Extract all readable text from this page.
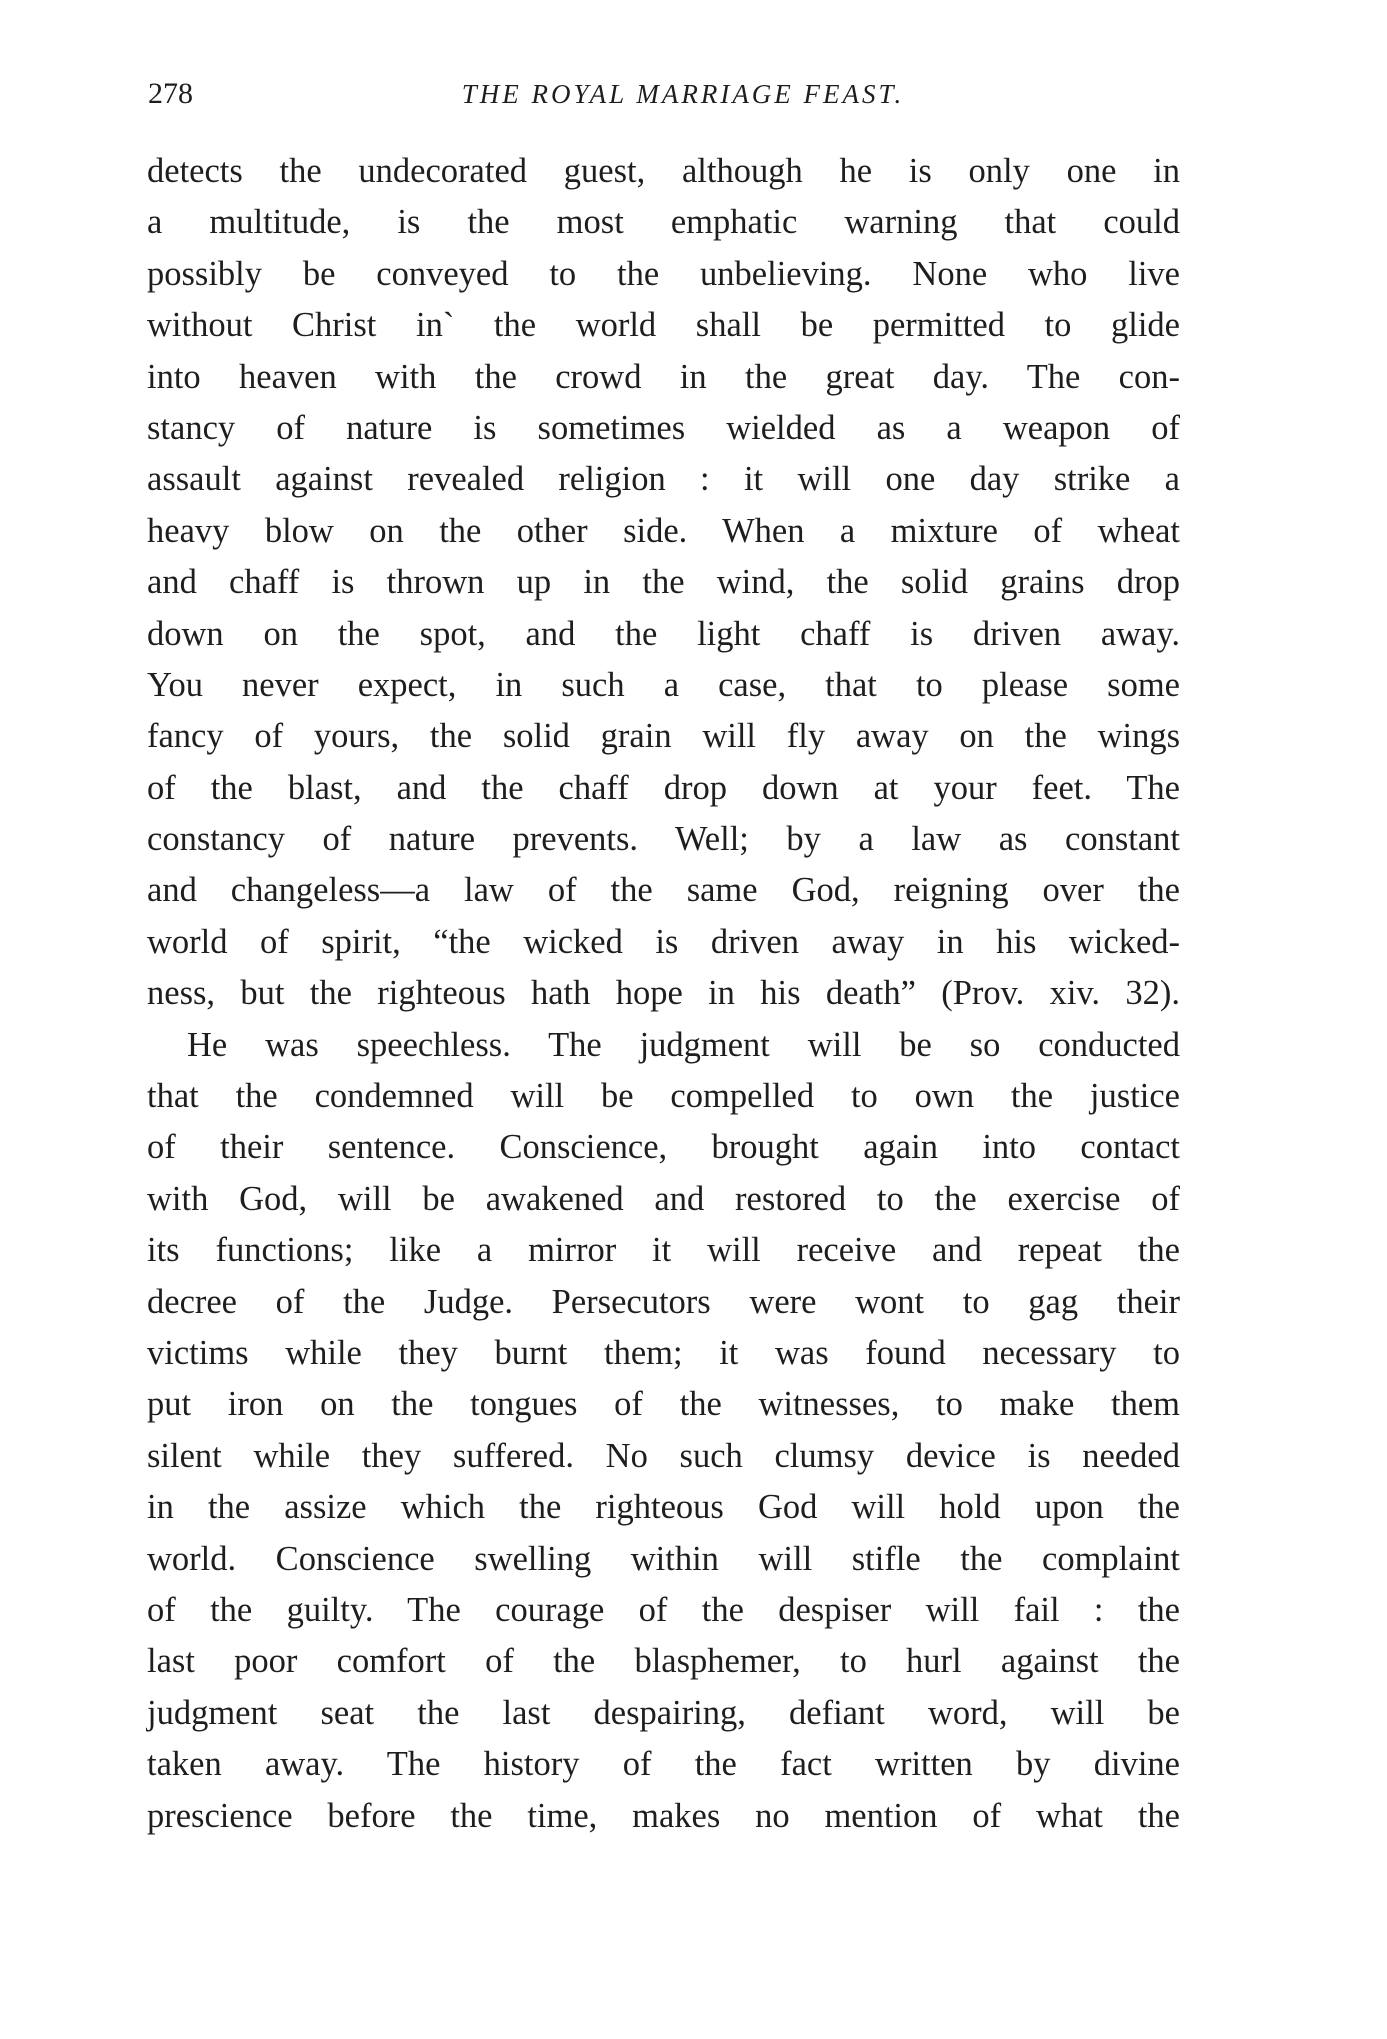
278	THE ROYAL MARRIAGE FEAST.
detects the undecorated guest, although he is only one in
a multitude, is the most emphatic warning that could
possibly be conveyed to the unbelieving. None who live
without Christ in` the world shall be permitted to glide
into heaven with the crowd in the great day. The con-
stancy of nature is sometimes wielded as a weapon of
assault against revealed religion : it will one day strike a
heavy blow on the other side. When a mixture of wheat
and chaff is thrown up in the wind, the solid grains drop
down on the spot, and the light chaff is driven away.
You never expect, in such a case, that to please some
fancy of yours, the solid grain will fly away on the wings
of the blast, and the chaff drop down at your feet. The
constancy of nature prevents. Well; by a law as constant
and changeless—a law of the same God, reigning over the
world of spirit, “the wicked is driven away in his wicked-
ness, but the righteous hath hope in his death” (Prov. xiv. 32).
He was speechless. The judgment will be so conducted
that the condemned will be compelled to own the justice
of their sentence. Conscience, brought again into contact
with God, will be awakened and restored to the exercise of
its functions; like a mirror it will receive and repeat the
decree of the Judge. Persecutors were wont to gag their
victims while they burnt them; it was found necessary to
put iron on the tongues of the witnesses, to make them
silent while they suffered. No such clumsy device is needed
in the assize which the righteous God will hold upon the
world. Conscience swelling within will stifle the complaint
of the guilty. The courage of the despiser will fail : the
last poor comfort of the blasphemer, to hurl against the
judgment seat the last despairing, defiant word, will be
taken away. The history of the fact written by divine
prescience before the time, makes no mention of what the
